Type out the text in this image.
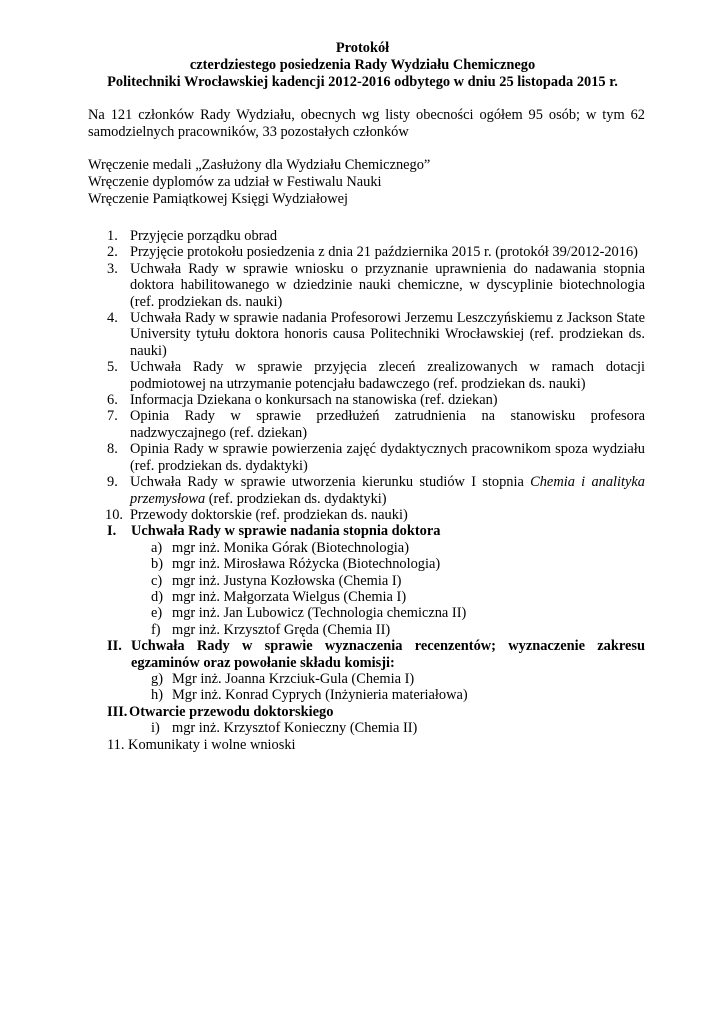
Protokół
czterdziestego posiedzenia Rady Wydziału Chemicznego
Politechniki Wrocławskiej kadencji 2012-2016 odbytego w dniu 25 listopada 2015 r.
Na 121 członków Rady Wydziału, obecnych wg listy obecności ogółem 95 osób; w tym 62 samodzielnych pracowników, 33 pozostałych członków
Wręczenie medali „Zasłużony dla Wydziału Chemicznego”
Wręczenie dyplomów za udział w Festiwalu Nauki
Wręczenie Pamiątkowej Księgi Wydziałowej
1. Przyjęcie porządku obrad
2. Przyjęcie protokołu posiedzenia z dnia 21 października 2015 r. (protokół 39/2012-2016)
3. Uchwała Rady w sprawie wniosku o przyznanie uprawnienia do nadawania stopnia doktora habilitowanego w dziedzinie nauki chemiczne, w dyscyplinie biotechnologia (ref. prodziekan ds. nauki)
4. Uchwała Rady w sprawie nadania Profesorowi Jerzemu Leszczyńskiemu z Jackson State University tytułu doktora honoris causa Politechniki Wrocławskiej (ref. prodziekan ds. nauki)
5. Uchwała Rady w sprawie przyjęcia zleceń zrealizowanych w ramach dotacji podmiotowej na utrzymanie potencjału badawczego (ref. prodziekan ds. nauki)
6. Informacja Dziekana o konkursach na stanowiska (ref. dziekan)
7. Opinia Rady w sprawie przedłużeń zatrudnienia na stanowisku profesora nadzwyczajnego (ref. dziekan)
8. Opinia Rady w sprawie powierzenia zajęć dydaktycznych pracownikom spoza wydziału (ref. prodziekan ds. dydaktyki)
9. Uchwała Rady w sprawie utworzenia kierunku studiów I stopnia Chemia i analityka przemysłowa (ref. prodziekan ds. dydaktyki)
10. Przewody doktorskie (ref. prodziekan ds. nauki)
I.	Uchwała Rady w sprawie nadania stopnia doktora
a) mgr inż. Monika Górak (Biotechnologia)
b) mgr inż. Mirosława Różycka (Biotechnologia)
c) mgr inż. Justyna Kozłowska (Chemia I)
d) mgr inż. Małgorzata Wielgus (Chemia I)
e) mgr inż. Jan Lubowicz (Technologia chemiczna II)
f) mgr inż. Krzysztof Gręda (Chemia II)
II. Uchwała Rady w sprawie wyznaczenia recenzentów; wyznaczenie zakresu egzaminów oraz powołanie składu komisji:
g) Mgr inż. Joanna Krzciuk-Gula (Chemia I)
h) Mgr inż. Konrad Cyprych (Inżynieria materiałowa)
III. Otwarcie przewodu doktorskiego
i) mgr inż. Krzysztof Konieczny (Chemia II)
11. Komunikaty i wolne wnioski
